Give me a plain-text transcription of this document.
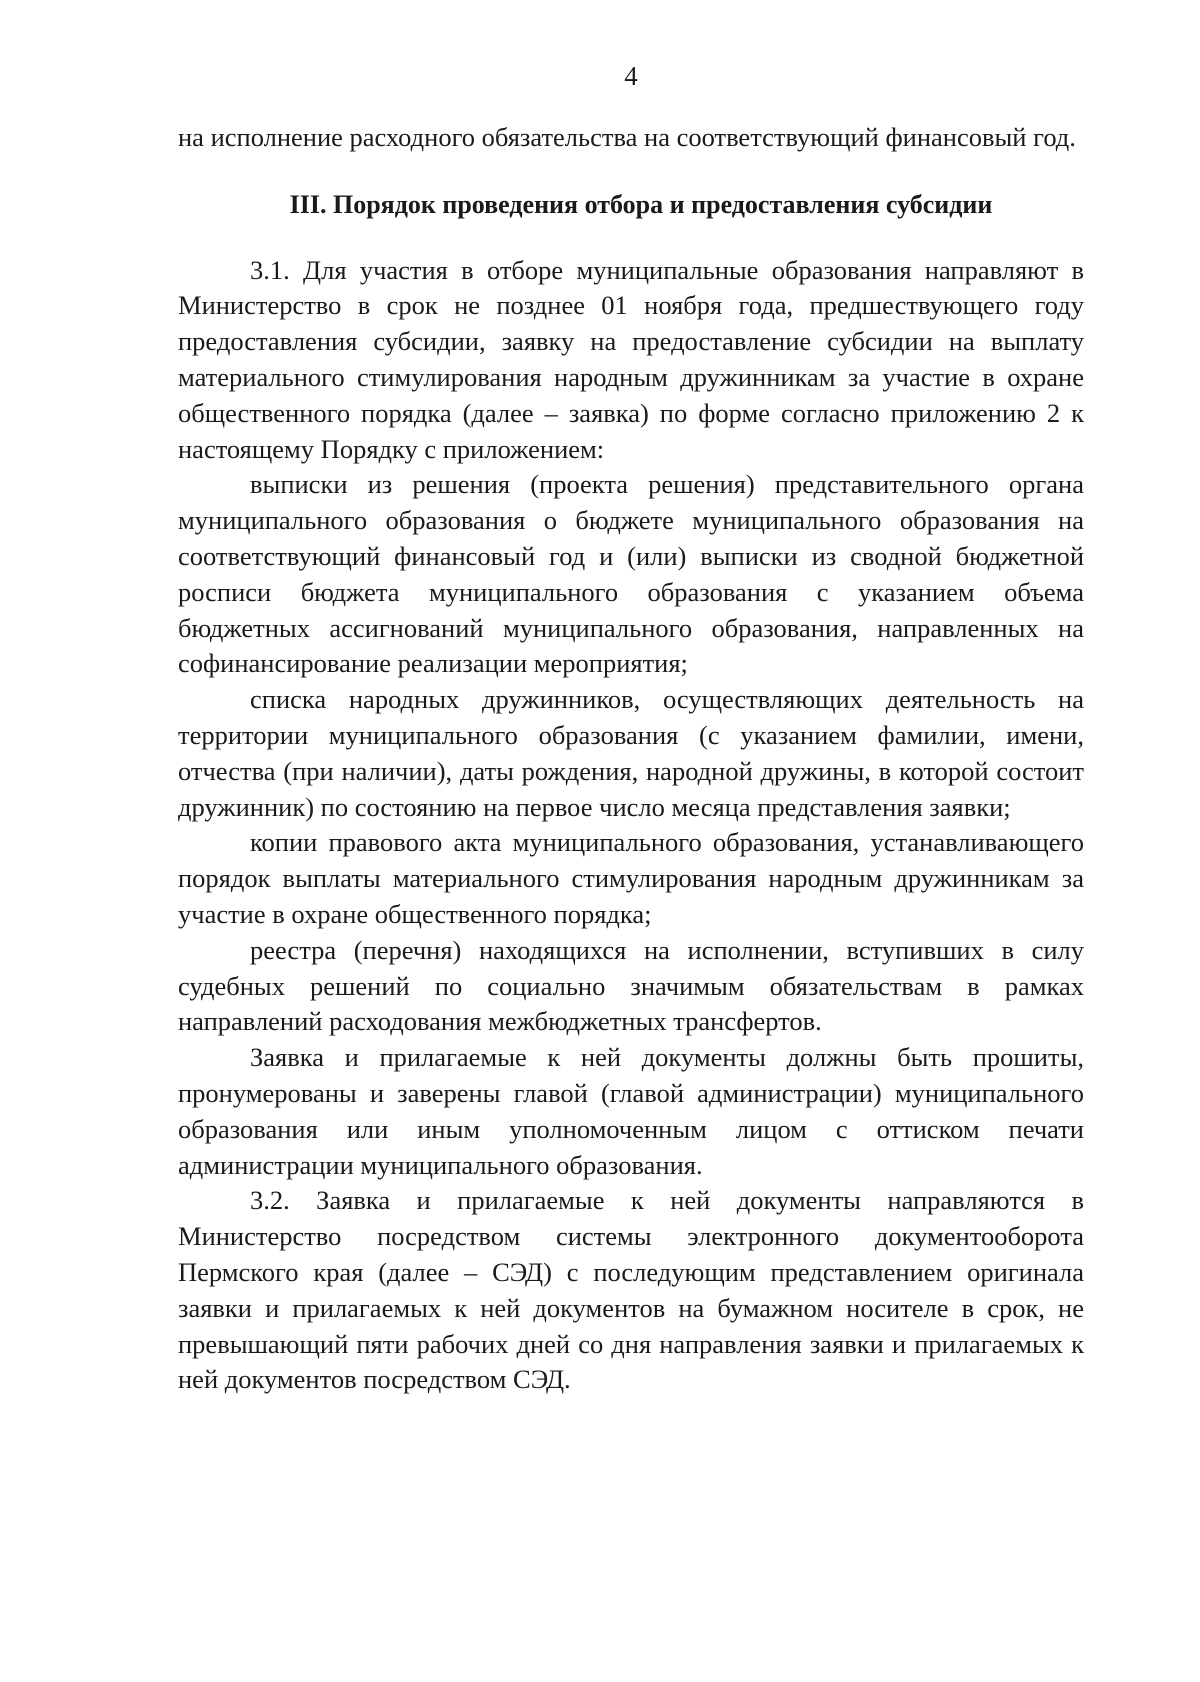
4

на исполнение расходного обязательства на соответствующий финансовый год.

III. Порядок проведения отбора и предоставления субсидии

3.1. Для участия в отборе муниципальные образования направляют в Министерство в срок не позднее 01 ноября года, предшествующего году предоставления субсидии, заявку на предоставление субсидии на выплату материального стимулирования народным дружинникам за участие в охране общественного порядка (далее – заявка) по форме согласно приложению 2 к настоящему Порядку с приложением:

выписки из решения (проекта решения) представительного органа муниципального образования о бюджете муниципального образования на соответствующий финансовый год и (или) выписки из сводной бюджетной росписи бюджета муниципального образования с указанием объема бюджетных ассигнований муниципального образования, направленных на софинансирование реализации мероприятия;

списка народных дружинников, осуществляющих деятельность на территории муниципального образования (с указанием фамилии, имени, отчества (при наличии), даты рождения, народной дружины, в которой состоит дружинник) по состоянию на первое число месяца представления заявки;

копии правового акта муниципального образования, устанавливающего порядок выплаты материального стимулирования народным дружинникам за участие в охране общественного порядка;

реестра (перечня) находящихся на исполнении, вступивших в силу судебных решений по социально значимым обязательствам в рамках направлений расходования межбюджетных трансфертов.

Заявка и прилагаемые к ней документы должны быть прошиты, пронумерованы и заверены главой (главой администрации) муниципального образования или иным уполномоченным лицом с оттиском печати администрации муниципального образования.

3.2. Заявка и прилагаемые к ней документы направляются в Министерство посредством системы электронного документооборота Пермского края (далее – СЭД) с последующим представлением оригинала заявки и прилагаемых к ней документов на бумажном носителе в срок, не превышающий пяти рабочих дней со дня направления заявки и прилагаемых к ней документов посредством СЭД.
